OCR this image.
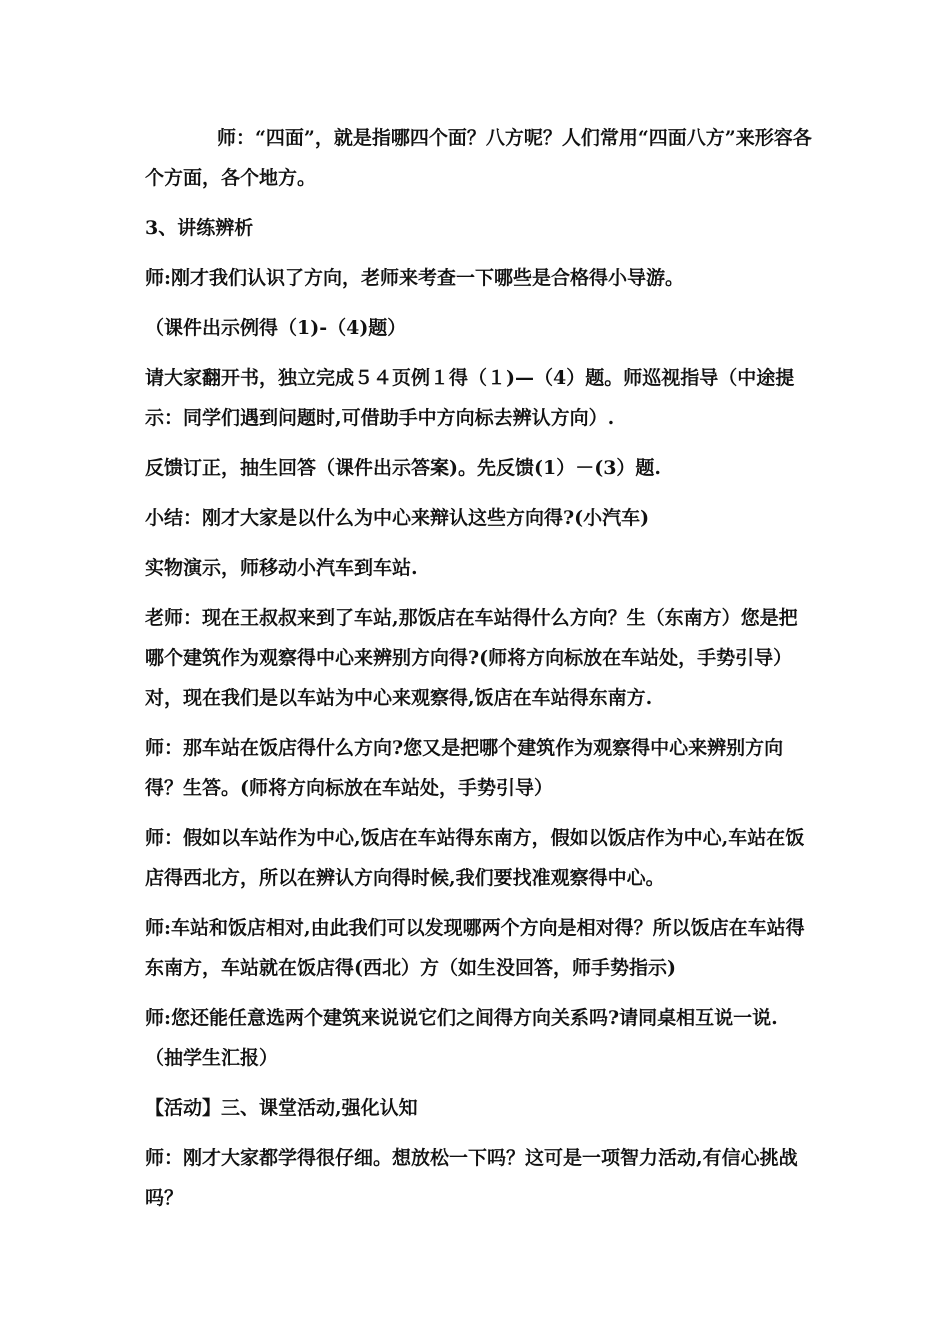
师：“四面”，就是指哪四个面？八方呢？人们常用“四面八方”来形容各个方面，各个地方。

3、讲练辨析

师:刚才我们认识了方向，老师来考查一下哪些是合格得小导游。

（课件出示例得（1)-（4)题）

请大家翻开书，独立完成５４页例１得（１)—（4）题。师巡视指导（中途提示：同学们遇到问题时,可借助手中方向标去辨认方向）.

反馈订正，抽生回答（课件出示答案)。先反馈(1）－(3）题.

小结：刚才大家是以什么为中心来辩认这些方向得?(小汽车)

实物演示，师移动小汽车到车站.

老师：现在王叔叔来到了车站,那饭店在车站得什么方向？生（东南方）您是把哪个建筑作为观察得中心来辨别方向得?(师将方向标放在车站处，手势引导）对，现在我们是以车站为中心来观察得,饭店在车站得东南方.

师：那车站在饭店得什么方向?您又是把哪个建筑作为观察得中心来辨别方向得？生答。(师将方向标放在车站处，手势引导）

师：假如以车站作为中心,饭店在车站得东南方，假如以饭店作为中心,车站在饭店得西北方，所以在辨认方向得时候,我们要找准观察得中心。

师:车站和饭店相对,由此我们可以发现哪两个方向是相对得？所以饭店在车站得东南方，车站就在饭店得(西北）方（如生没回答，师手势指示)

师:您还能任意选两个建筑来说说它们之间得方向关系吗?请同桌相互说一说.（抽学生汇报）

【活动】三、课堂活动,强化认知

师：刚才大家都学得很仔细。想放松一下吗？这可是一项智力活动,有信心挑战吗？
